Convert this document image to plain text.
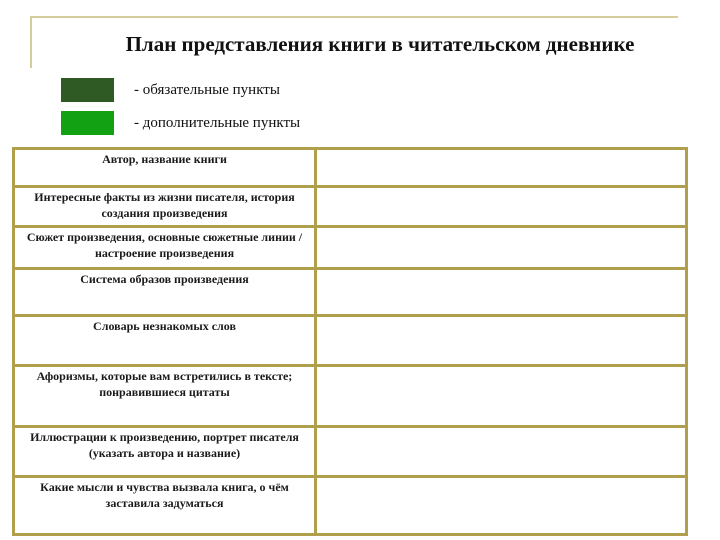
План представления книги в читательском дневнике
- обязательные пункты
- дополнительные пункты
Автор, название книги	
Интересные факты из жизни писателя, история создания произведения	
Сюжет произведения, основные сюжетные линии / настроение произведения	
Система образов произведения	
Словарь незнакомых слов	
Афоризмы, которые вам встретились в тексте; понравившиеся цитаты	
Иллюстрации к произведению, портрет писателя (указать автора и название)	
Какие мысли и чувства вызвала книга, о чём заставила задуматься	
